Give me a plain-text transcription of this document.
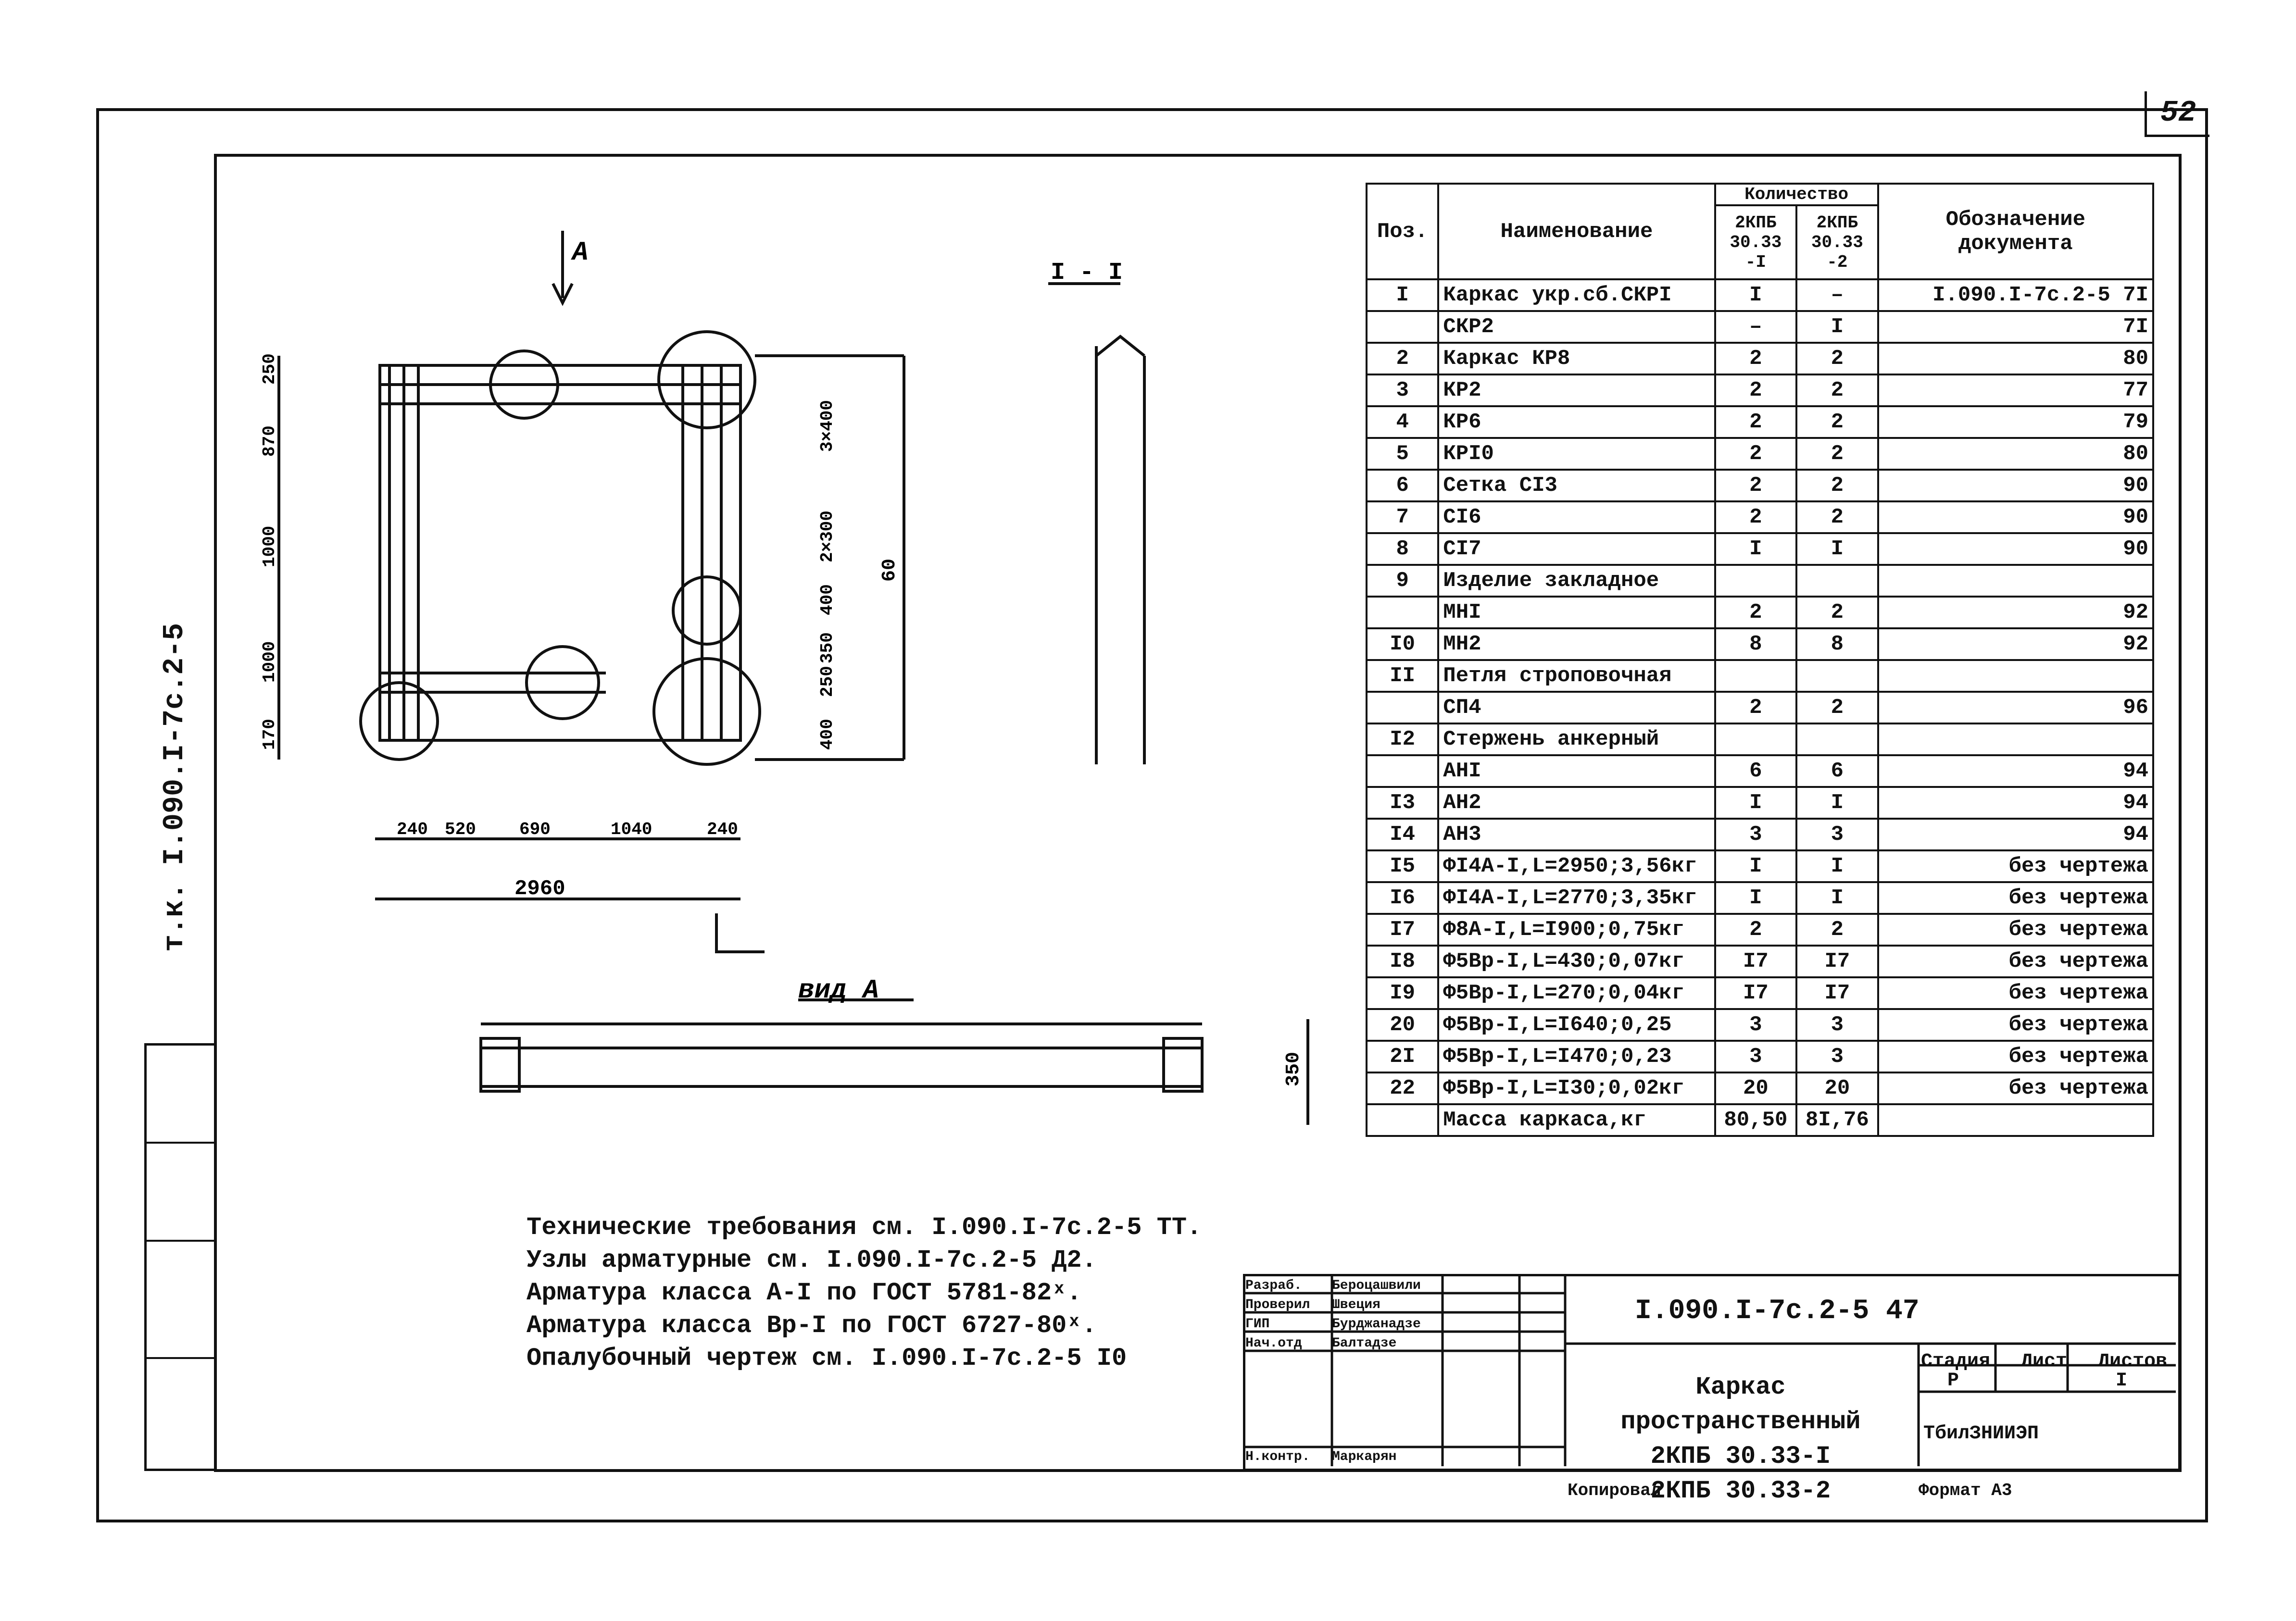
52
т.к. I.090.I-7c.2-5
вид А
I - I
A
2960
350
60
240 520	690	1040	240
250
870
1000
1000
170
3×400
2×300
400
350
250
400
Поз.	Наименование	Количество		Обозначение документа
		2КПБ 30.33 -I	2КПБ 30.33 -2	
I	Каркас укр.сб.СКРI	I	–	I.090.I-7c.2-5 7I
	СКР2	–	I	7I
2	Каркас КР8	2	2	80
3	КР2	2	2	77
4	КР6	2	2	79
5	КРI0	2	2	80
6	Сетка СI3	2	2	90
7	СI6	2	2	90
8	СI7	I	I	90
9	Изделие закладное			
	МНI	2	2	92
I0	МН2	8	8	92
II	Петля строповочная			
	СП4	2	2	96
I2	Стержень анкерный			
	АНI	6	6	94
I3	АН2	I	I	94
I4	АН3	3	3	94
I5	ФI4A-I,L=2950;3,56кг	I	I	без чертежа
I6	ФI4A-I,L=2770;3,35кг	I	I	без чертежа
I7	Ф8A-I,L=I900;0,75кг	2	2	без чертежа
I8	Ф5Вр-I,L=430;0,07кг	I7	I7	без чертежа
I9	Ф5Вр-I,L=270;0,04кг	I7	I7	без чертежа
20	Ф5Вр-I,L=I640;0,25	3	3	без чертежа
2I	Ф5Вр-I,L=I470;0,23	3	3	без чертежа
22	Ф5Вр-I,L=I30;0,02кг	20	20	без чертежа
	Масса каркаса,кг	80,50	8I,76	
Технические требования см. I.090.I-7c.2-5 ТТ.
Узлы арматурные см. I.090.I-7c.2-5 Д2.
Арматура класса А-I по ГОСТ 5781-82ˣ.
Арматура класса Вр-I по ГОСТ 6727-80ˣ.
Опалубочный чертеж см. I.090.I-7c.2-5 I0
I.090.I-7c.2-5 47
Каркас пространственный
2КПБ 30.33-I
2КПБ 30.33-2
Стадия Лист Листов
Р	I
ТбилЗНИИЭП
Разраб. Бероцашвили
Проверил Швеция
ГИП	Бурджанадзе
Нач.отд Балтадзе
Н.контр. Маркарян
Копировал	Формат А3
